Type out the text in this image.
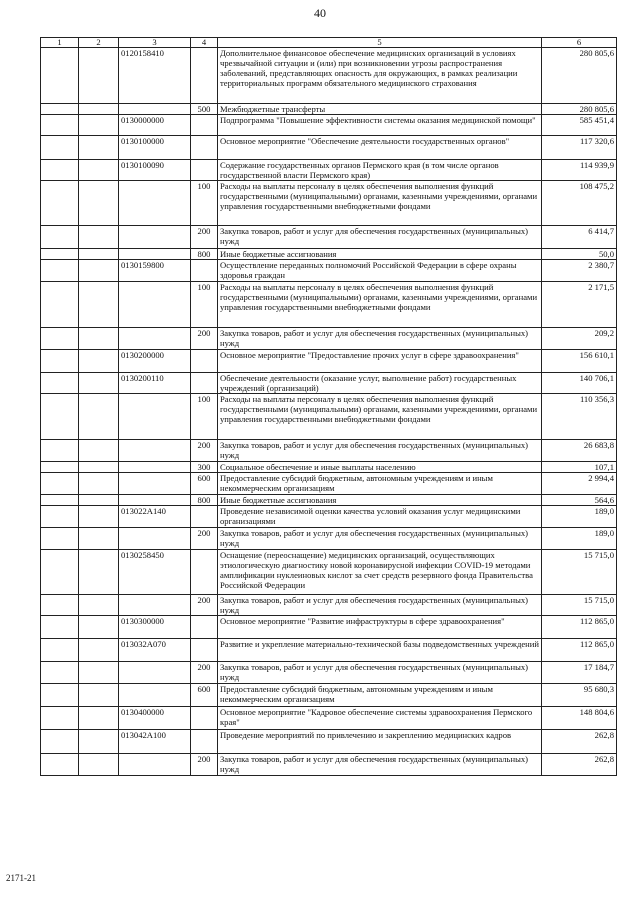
40
1	2	3	4	5	6
		0120158410		Дополнительное финансовое обеспечение медицинских организаций в условиях чрезвычайной ситуации и (или) при возникновении угрозы распространения заболеваний, представляющих опасность для окружающих, в рамках реализации территориальных программ обязательного медицинского страхования	280 805,6
			500	Межбюджетные трансферты	280 805,6
		0130000000		Подпрограмма "Повышение эффективности системы оказания медицинской помощи"	585 451,4
		0130100000		Основное мероприятие "Обеспечение деятельности государственных органов"	117 320,6
		0130100090		Содержание государственных органов Пермского края (в том числе органов государственной власти Пермского края)	114 939,9
			100	Расходы на выплаты персоналу в целях обеспечения выполнения функций государственными (муниципальными) органами, казенными учреждениями, органами управления государственными внебюджетными фондами	108 475,2
			200	Закупка товаров, работ и услуг для обеспечения государственных (муниципальных) нужд	6 414,7
			800	Иные бюджетные ассигнования	50,0
		0130159800		Осуществление переданных полномочий Российской Федерации в сфере охраны здоровья граждан	2 380,7
			100	Расходы на выплаты персоналу в целях обеспечения выполнения функций государственными (муниципальными) органами, казенными учреждениями, органами управления государственными внебюджетными фондами	2 171,5
			200	Закупка товаров, работ и услуг для обеспечения государственных (муниципальных) нужд	209,2
		0130200000		Основное мероприятие "Предоставление прочих услуг в сфере здравоохранения"	156 610,1
		0130200110		Обеспечение деятельности (оказание услуг, выполнение работ) государственных учреждений (организаций)	140 706,1
			100	Расходы на выплаты персоналу в целях обеспечения выполнения функций государственными (муниципальными) органами, казенными учреждениями, органами управления государственными внебюджетными фондами	110 356,3
			200	Закупка товаров, работ и услуг для обеспечения государственных (муниципальных) нужд	26 683,8
			300	Социальное обеспечение и иные выплаты населению	107,1
			600	Предоставление субсидий бюджетным, автономным учреждениям и иным некоммерческим организациям	2 994,4
			800	Иные бюджетные ассигнования	564,6
		013022А140		Проведение независимой оценки качества условий оказания услуг медицинскими организациями	189,0
			200	Закупка товаров, работ и услуг для обеспечения государственных (муниципальных) нужд	189,0
		0130258450		Оснащение (переоснащение) медицинских организаций, осуществляющих этиологическую диагностику новой коронавирусной инфекции COVID-19 методами амплификации нуклеиновых кислот за счет средств резервного фонда Правительства Российской Федерации	15 715,0
			200	Закупка товаров, работ и услуг для обеспечения государственных (муниципальных) нужд	15 715,0
		0130300000		Основное мероприятие "Развитие инфраструктуры в сфере здравоохранения"	112 865,0
		013032А070		Развитие и укрепление материально-технической базы подведомственных учреждений	112 865,0
			200	Закупка товаров, работ и услуг для обеспечения государственных (муниципальных) нужд	17 184,7
			600	Предоставление субсидий бюджетным, автономным учреждениям и иным некоммерческим организациям	95 680,3
		0130400000		Основное мероприятие "Кадровое обеспечение системы здравоохранения Пермского края"	148 804,6
		013042А100		Проведение мероприятий по привлечению и закреплению медицинских кадров	262,8
			200	Закупка товаров, работ и услуг для обеспечения государственных (муниципальных) нужд	262,8
2171-21
